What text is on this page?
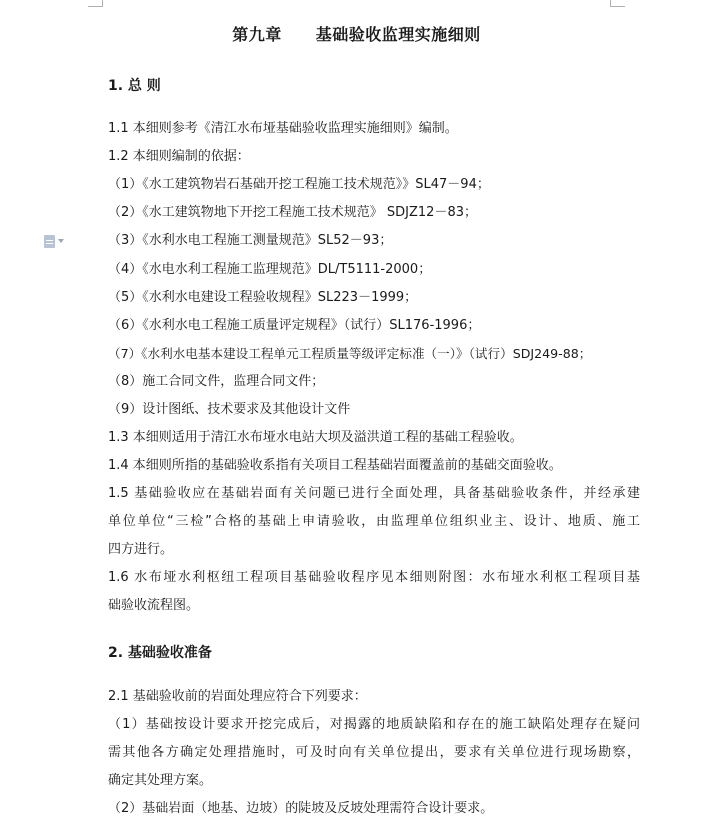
第九章 基础验收监理实施细则
1. 总 则
1.1 本细则参考《清江水布垭基础验收监理实施细则》编制。
1.2 本细则编制的依据：
（1）《水工建筑物岩石基础开挖工程施工技术规范》》SL47－94；
（2）《水工建筑物地下开挖工程施工技术规范》 SDJZ12－83；
（3）《水利水电工程施工测量规范》SL52－93；
（4）《水电水利工程施工监理规范》DL/T5111-2000；
（5）《水利水电建设工程验收规程》SL223－1999；
（6）《水利水电工程施工质量评定规程》（试行）SL176-1996；
（7）《水利水电基本建设工程单元工程质量等级评定标准（一）》（试行）SDJ249-88；
（8）施工合同文件，监理合同文件；
（9）设计图纸、技术要求及其他设计文件
1.3 本细则适用于清江水布垭水电站大坝及溢洪道工程的基础工程验收。
1.4 本细则所指的基础验收系指有关项目工程基础岩面覆盖前的基础交面验收。
1.5 基础验收应在基础岩面有关问题已进行全面处理，具备基础验收条件，并经承建
单位单位“三检”合格的基础上申请验收，由监理单位组织业主、设计、地质、施工
四方进行。
1.6 水布垭水利枢纽工程项目基础验收程序见本细则附图：水布垭水利枢工程项目基
础验收流程图。
2. 基础验收准备
2.1 基础验收前的岩面处理应符合下列要求：
（1）基础按设计要求开挖完成后，对揭露的地质缺陷和存在的施工缺陷处理存在疑问
需其他各方确定处理措施时，可及时向有关单位提出，要求有关单位进行现场勘察，
确定其处理方案。
（2）基础岩面（地基、边坡）的陡坡及反坡处理需符合设计要求。
